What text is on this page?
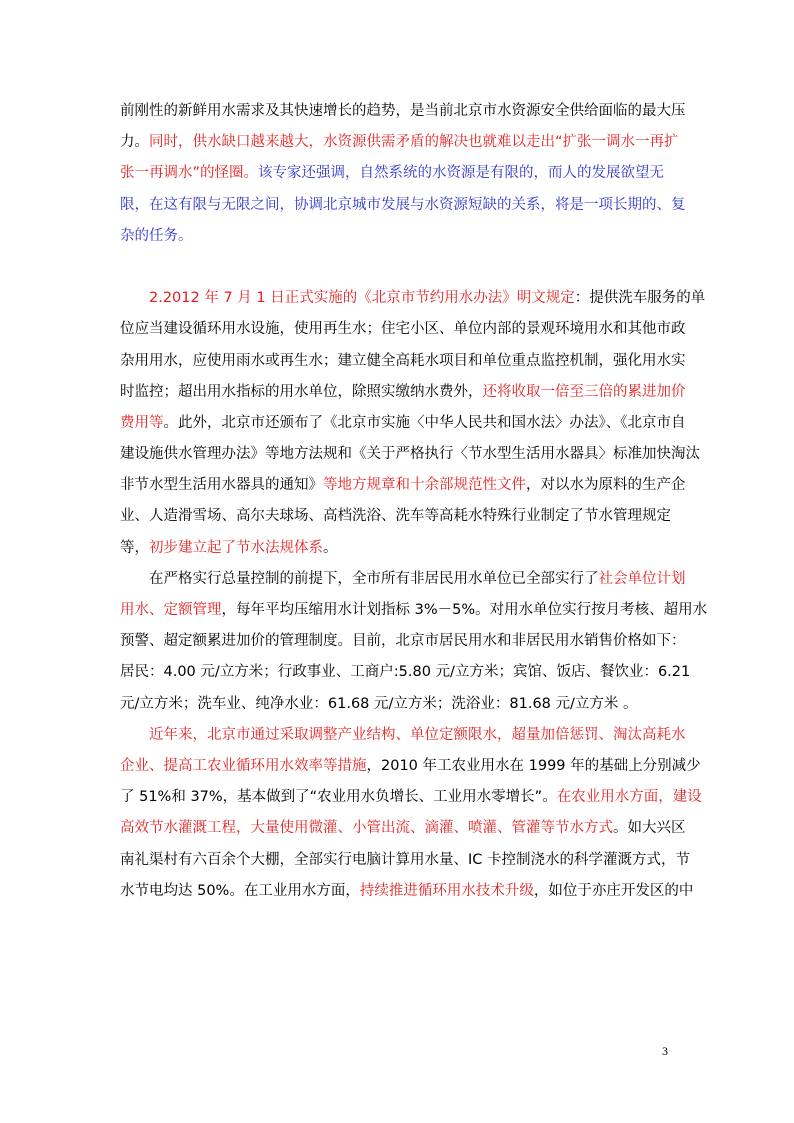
前刚性的新鲜用水需求及其快速增长的趋势，是当前北京市水资源安全供给面临的最大压
力。同时，供水缺口越来越大，水资源供需矛盾的解决也就难以走出“扩张一调水一再扩
张一再调水”的怪圈。该专家还强调，自然系统的水资源是有限的，而人的发展欲望无
限，在这有限与无限之间，协调北京城市发展与水资源短缺的关系，将是一项长期的、复
杂的任务。
2.2012 年 7 月 1 日正式实施的《北京市节约用水办法》明文规定：提供洗车服务的单
位应当建设循环用水设施，使用再生水；住宅小区、单位内部的景观环境用水和其他市政
杂用用水，应使用雨水或再生水；建立健全高耗水项目和单位重点监控机制，强化用水实
时监控；超出用水指标的用水单位，除照实缴纳水费外，还将收取一倍至三倍的累进加价
费用等。此外，北京市还颁布了《北京市实施〈中华人民共和国水法〉办法》、《北京市自
建设施供水管理办法》等地方法规和《关于严格执行〈节水型生活用水器具〉标准加快淘汰
非节水型生活用水器具的通知》等地方规章和十余部规范性文件，对以水为原料的生产企
业、人造滑雪场、高尔夫球场、高档洗浴、洗车等高耗水特殊行业制定了节水管理规定
等，初步建立起了节水法规体系。
在严格实行总量控制的前提下，全市所有非居民用水单位已全部实行了社会单位计划
用水、定额管理，每年平均压缩用水计划指标 3%－5%。对用水单位实行按月考核、超用水
预警、超定额累进加价的管理制度。目前，北京市居民用水和非居民用水销售价格如下：
居民：4.00 元/立方米；行政事业、工商户:5.80 元/立方米；宾馆、饭店、餐饮业：6.21
元/立方米；洗车业、纯净水业：61.68 元/立方米；洗浴业：81.68 元/立方米 。
近年来，北京市通过采取调整产业结构、单位定额限水，超量加倍惩罚、淘汰高耗水
企业、提高工农业循环用水效率等措施，2010 年工农业用水在 1999 年的基础上分别减少
了 51%和 37%，基本做到了“农业用水负增长、工业用水零增长”。在农业用水方面，建设
高效节水灌溉工程，大量使用微灌、小管出流、滴灌、喷灌、管灌等节水方式。如大兴区
南礼渠村有六百余个大棚，全部实行电脑计算用水量、IC 卡控制浇水的科学灌溉方式，节
水节电均达 50%。在工业用水方面，持续推进循环用水技术升级，如位于亦庄开发区的中
3
